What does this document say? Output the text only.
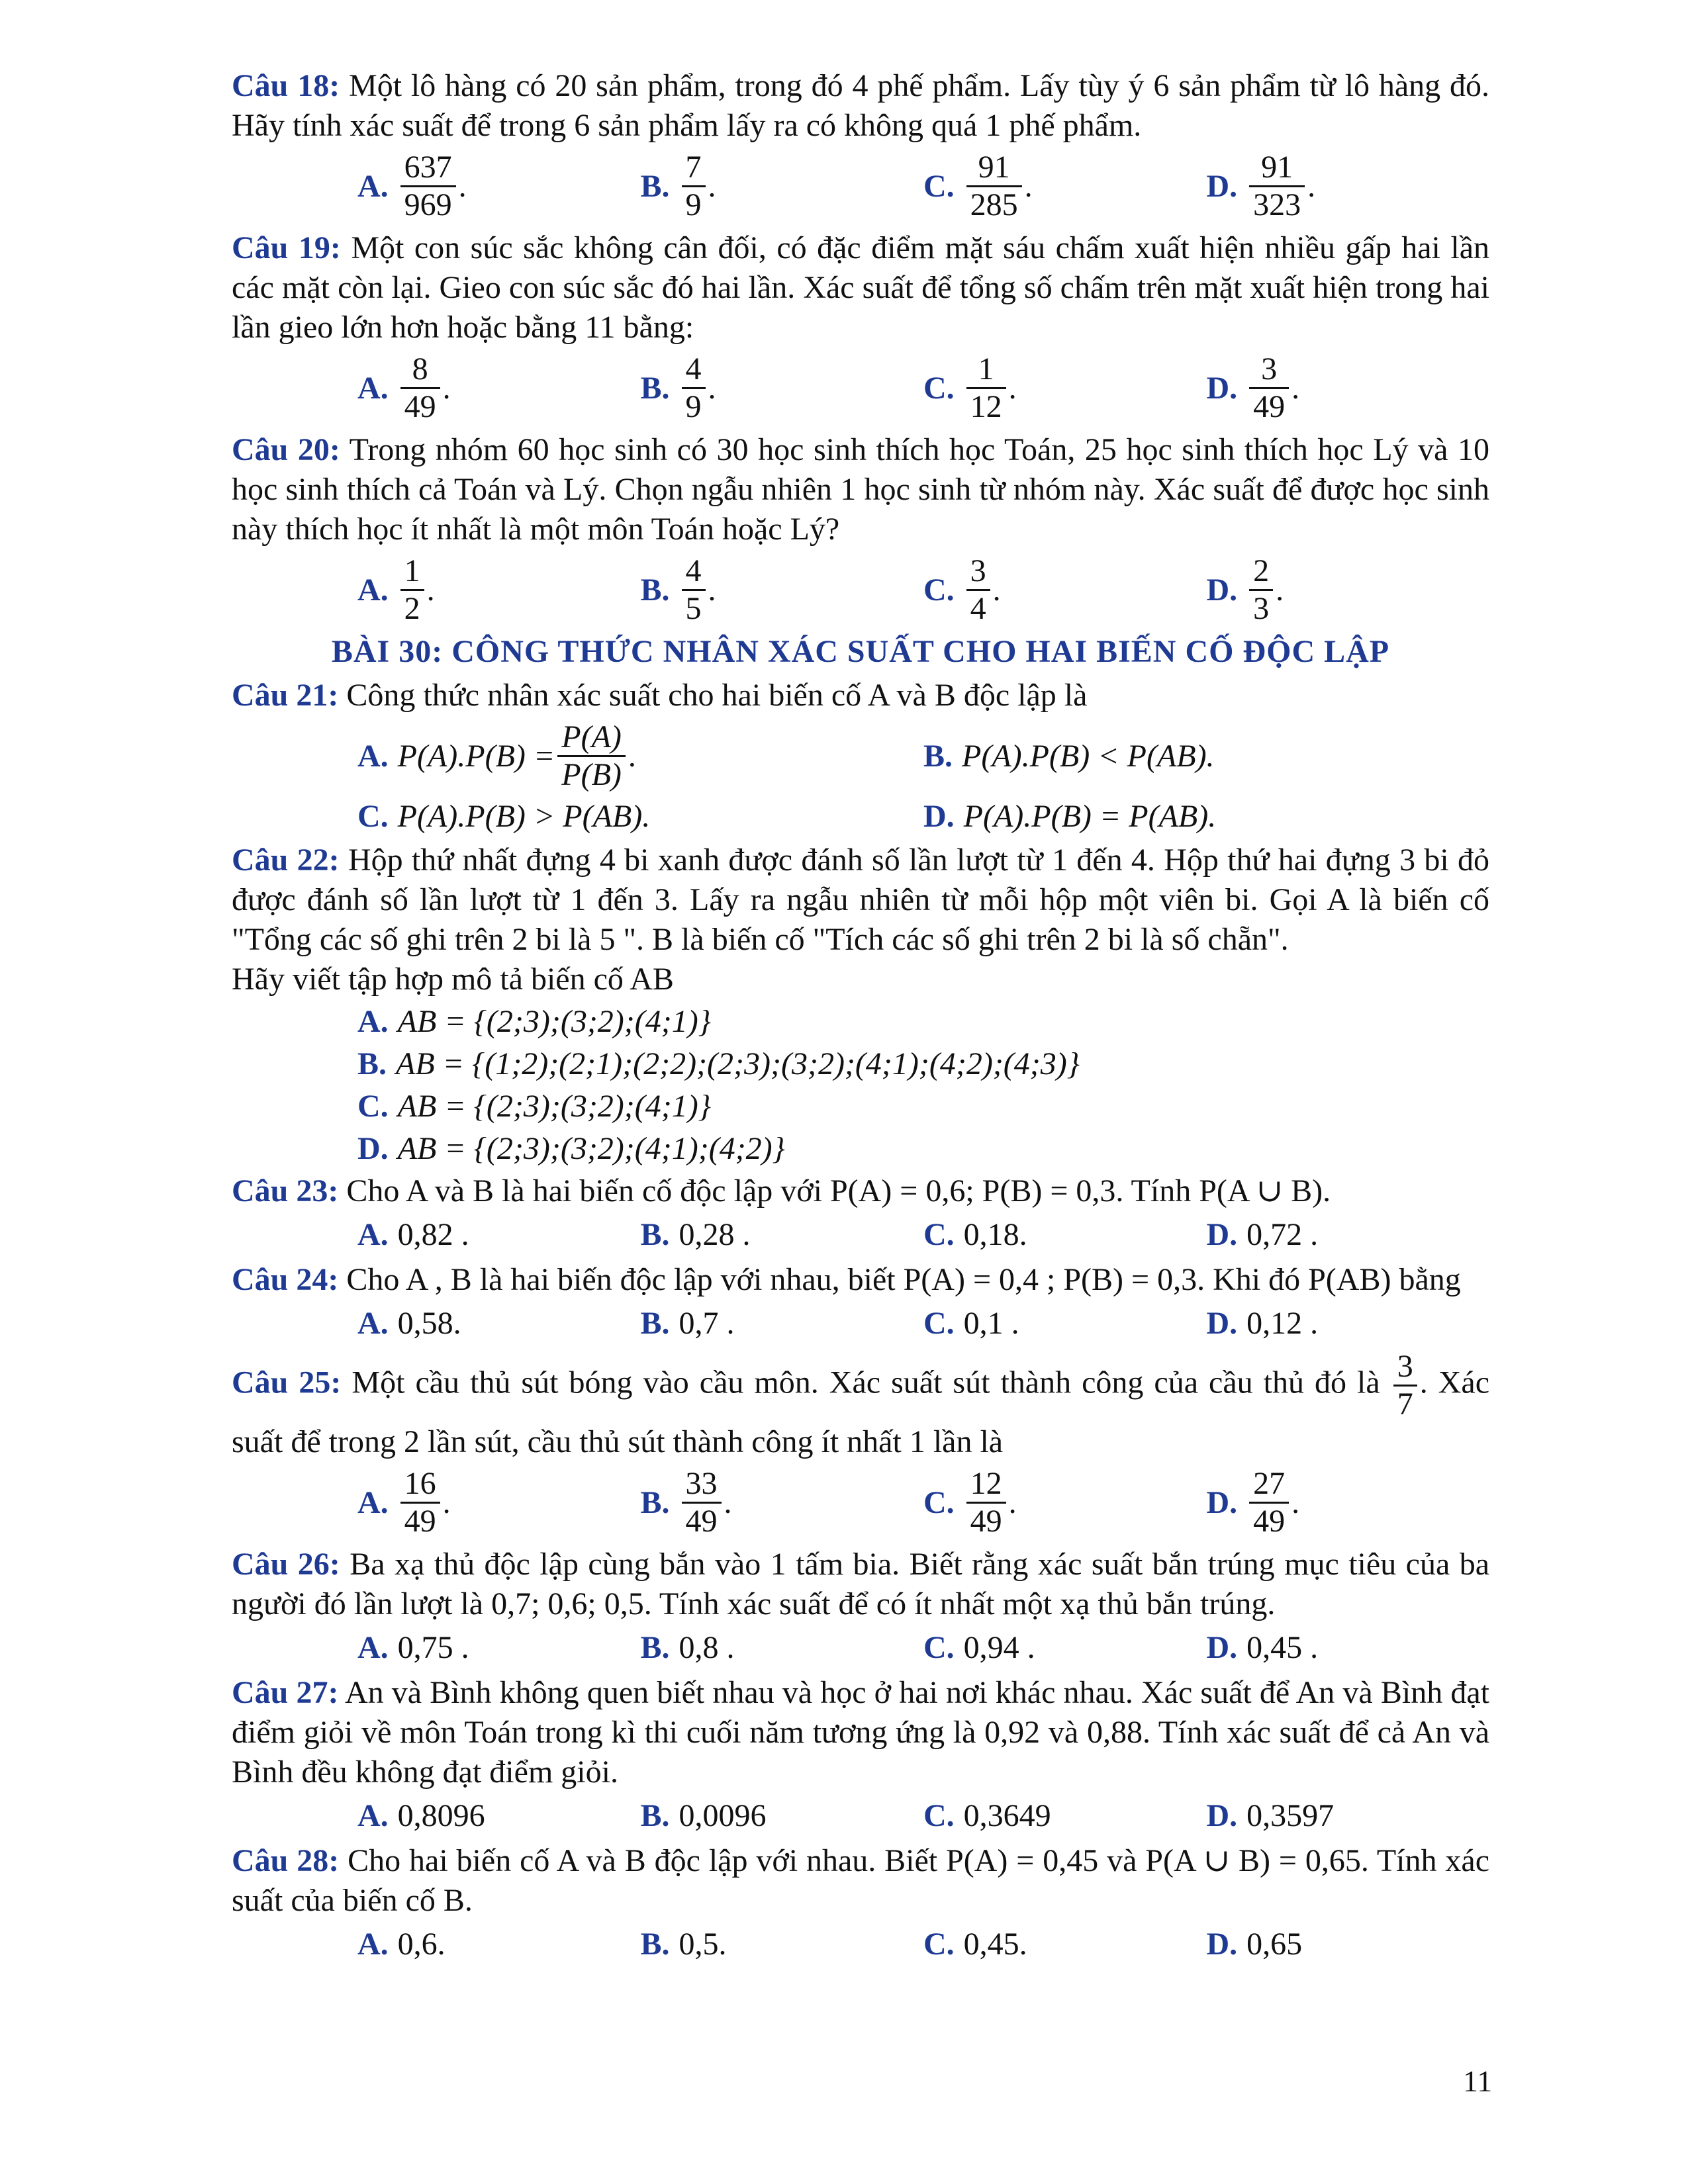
Câu 18: Một lô hàng có 20 sản phẩm, trong đó 4 phế phẩm. Lấy tùy ý 6 sản phẩm từ lô hàng đó. Hãy tính xác suất để trong 6 sản phẩm lấy ra có không quá 1 phế phẩm.

A. $\frac{637}{969}$ .	B. $\frac{7}{9}$ .	C. $\frac{91}{285}$ .	D. $\frac{91}{323}$ .

Câu 19: Một con súc sắc không cân đối, có đặc điểm mặt sáu chấm xuất hiện nhiều gấp hai lần các mặt còn lại. Gieo con súc sắc đó hai lần. Xác suất để tổng số chấm trên mặt xuất hiện trong hai lần gieo lớn hơn hoặc bằng 11 bằng:

A. $\frac{8}{49}$ .	B. $\frac{4}{9}$ .	C. $\frac{1}{12}$ .	D. $\frac{3}{49}$ .

Câu 20: Trong nhóm 60 học sinh có 30 học sinh thích học Toán, 25 học sinh thích học Lý và 10 học sinh thích cả Toán và Lý. Chọn ngẫu nhiên 1 học sinh từ nhóm này. Xác suất để được học sinh này thích học ít nhất là một môn Toán hoặc Lý?

A. $\frac{1}{2}$ .	B. $\frac{4}{5}$ .	C. $\frac{3}{4}$ .	D. $\frac{2}{3}$ .
BÀI 30: CÔNG THỨC NHÂN XÁC SUẤT CHO HAI BIẾN CỐ ĐỘC LẬP

Câu 21: Công thức nhân xác suất cho hai biến cố A và B độc lập là

A. $P(A).P(B) = \frac{P(A)}{P(B)}$ .	B. P(A).P(B) < P(AB).
C. P(A).P(B) > P(AB).	D. P(A).P(B) = P(AB).

Câu 22: Hộp thứ nhất đựng 4 bi xanh được đánh số lần lượt từ 1 đến 4. Hộp thứ hai đựng 3 bi đỏ được đánh số lần lượt từ 1 đến 3. Lấy ra ngẫu nhiên từ mỗi hộp một viên bi. Gọi A là biến cố "Tổng các số ghi trên 2 bi là 5 ". B là biến cố "Tích các số ghi trên 2 bi là số chẵn".

Hãy viết tập hợp mô tả biến cố AB

A. AB = {(2;3);(3;2);(4;1)}
B. AB = {(1;2);(2;1);(2;2);(2;3);(3;2);(4;1);(4;2);(4;3)}
C. AB = {(2;3);(3;2);(4;1)}
D. AB = {(2;3);(3;2);(4;1);(4;2)}

Câu 23: Cho A và B là hai biến cố độc lập với P(A) = 0,6; P(B) = 0,3. Tính P(A ∪ B).

A. 0,82 .	B. 0,28 .	C. 0,18.	D. 0,72 .

Câu 24: Cho A , B là hai biến độc lập với nhau, biết P(A) = 0,4 ; P(B) = 0,3. Khi đó P(AB) bằng

A. 0,58.	B. 0,7 .	C. 0,1 .	D. 0,12 .

Câu 25: Một cầu thủ sút bóng vào cầu môn. Xác suất sút thành công của cầu thủ đó là $\frac{3}{7}$ . Xác suất để trong 2 lần sút, cầu thủ sút thành công ít nhất 1 lần là

A. $\frac{16}{49}$ .	B. $\frac{33}{49}$ .	C. $\frac{12}{49}$ .	D. $\frac{27}{49}$ .

Câu 26: Ba xạ thủ độc lập cùng bắn vào 1 tấm bia. Biết rằng xác suất bắn trúng mục tiêu của ba người đó lần lượt là 0,7; 0,6; 0,5. Tính xác suất để có ít nhất một xạ thủ bắn trúng.

A. 0,75 .	B. 0,8 .	C. 0,94 .	D. 0,45 .

Câu 27: An và Bình không quen biết nhau và học ở hai nơi khác nhau. Xác suất để An và Bình đạt điểm giỏi về môn Toán trong kì thi cuối năm tương ứng là 0,92 và 0,88. Tính xác suất để cả An và Bình đều không đạt điểm giỏi.

A. 0,8096	B. 0,0096	C. 0,3649	D. 0,3597

Câu 28: Cho hai biến cố A và B độc lập với nhau. Biết P(A) = 0,45 và P(A ∪ B) = 0,65. Tính xác suất của biến cố B.

A. 0,6.	B. 0,5.	C. 0,45.	D. 0,65
11
